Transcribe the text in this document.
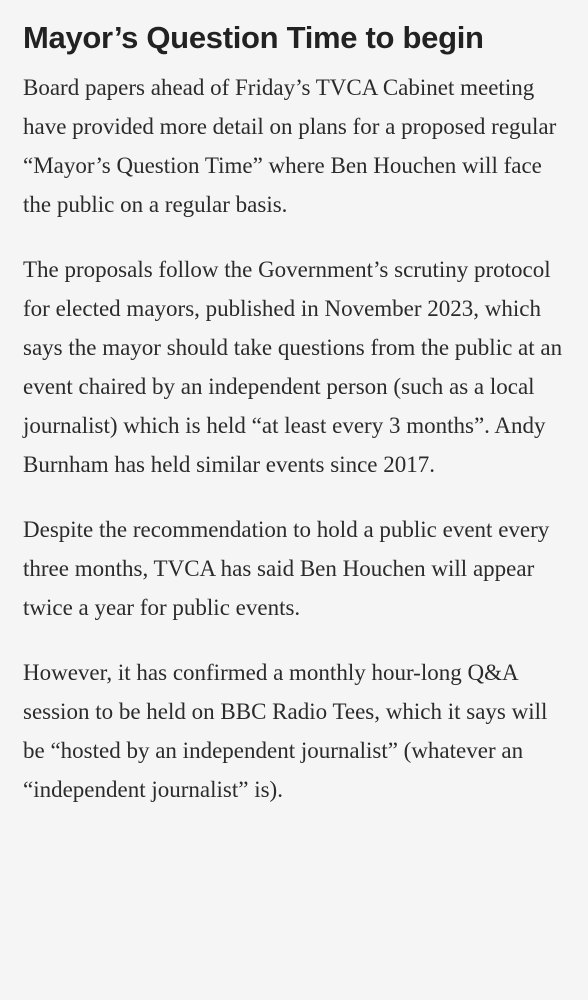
Mayor’s Question Time to begin

Board papers ahead of Friday’s TVCA Cabinet meeting have provided more detail on plans for a proposed regular “Mayor’s Question Time” where Ben Houchen will face the public on a regular basis.

The proposals follow the Government’s scrutiny protocol for elected mayors, published in November 2023, which says the mayor should take questions from the public at an event chaired by an independent person (such as a local journalist) which is held “at least every 3 months”. Andy Burnham has held similar events since 2017.

Despite the recommendation to hold a public event every three months, TVCA has said Ben Houchen will appear twice a year for public events.

However, it has confirmed a monthly hour-long Q&A session to be held on BBC Radio Tees, which it says will be “hosted by an independent journalist” (whatever an “independent journalist” is).
